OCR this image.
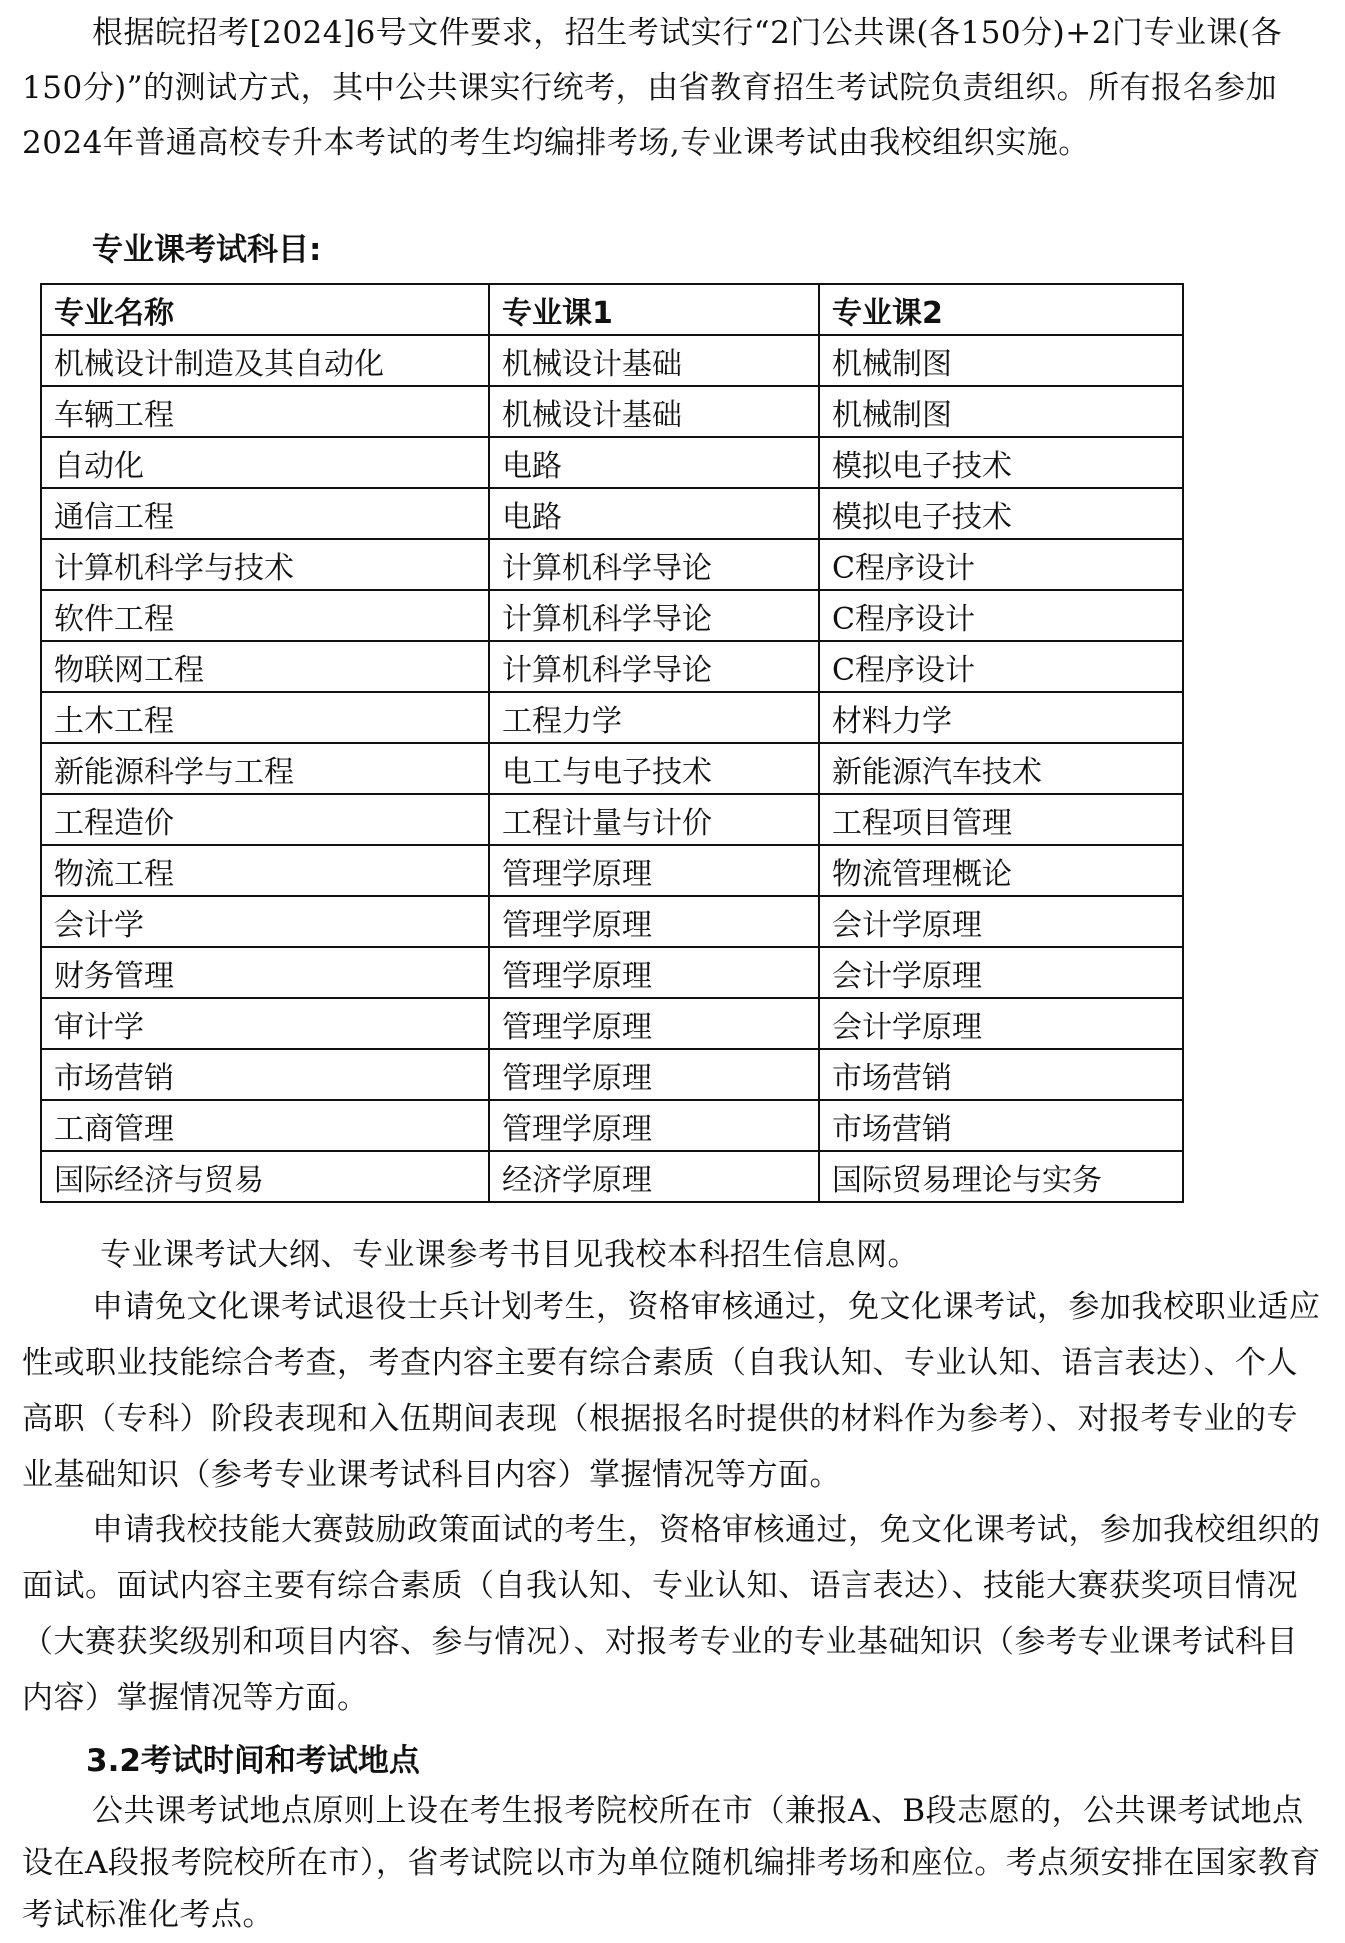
根据皖招考[2024]6号文件要求，招生考试实行“2门公共课(各150分)+2门专业课(各150分)”的测试方式，其中公共课实行统考，由省教育招生考试院负责组织。所有报名参加2024年普通高校专升本考试的考生均编排考场,专业课考试由我校组织实施。

专业课考试科目:

专业名称	专业课1	专业课2
机械设计制造及其自动化	机械设计基础	机械制图
车辆工程	机械设计基础	机械制图
自动化	电路	模拟电子技术
通信工程	电路	模拟电子技术
计算机科学与技术	计算机科学导论	C程序设计
软件工程	计算机科学导论	C程序设计
物联网工程	计算机科学导论	C程序设计
土木工程	工程力学	材料力学
新能源科学与工程	电工与电子技术	新能源汽车技术
工程造价	工程计量与计价	工程项目管理
物流工程	管理学原理	物流管理概论
会计学	管理学原理	会计学原理
财务管理	管理学原理	会计学原理
审计学	管理学原理	会计学原理
市场营销	管理学原理	市场营销
工商管理	管理学原理	市场营销
国际经济与贸易	经济学原理	国际贸易理论与实务

专业课考试大纲、专业课参考书目见我校本科招生信息网。

申请免文化课考试退役士兵计划考生，资格审核通过，免文化课考试，参加我校职业适应性或职业技能综合考查，考查内容主要有综合素质（自我认知、专业认知、语言表达）、个人高职（专科）阶段表现和入伍期间表现（根据报名时提供的材料作为参考）、对报考专业的专业基础知识（参考专业课考试科目内容）掌握情况等方面。

申请我校技能大赛鼓励政策面试的考生，资格审核通过，免文化课考试，参加我校组织的面试。面试内容主要有综合素质（自我认知、专业认知、语言表达）、技能大赛获奖项目情况（大赛获奖级别和项目内容、参与情况）、对报考专业的专业基础知识（参考专业课考试科目内容）掌握情况等方面。

3.2考试时间和考试地点

公共课考试地点原则上设在考生报考院校所在市（兼报A、B段志愿的，公共课考试地点设在A段报考院校所在市），省考试院以市为单位随机编排考场和座位。考点须安排在国家教育考试标准化考点。
